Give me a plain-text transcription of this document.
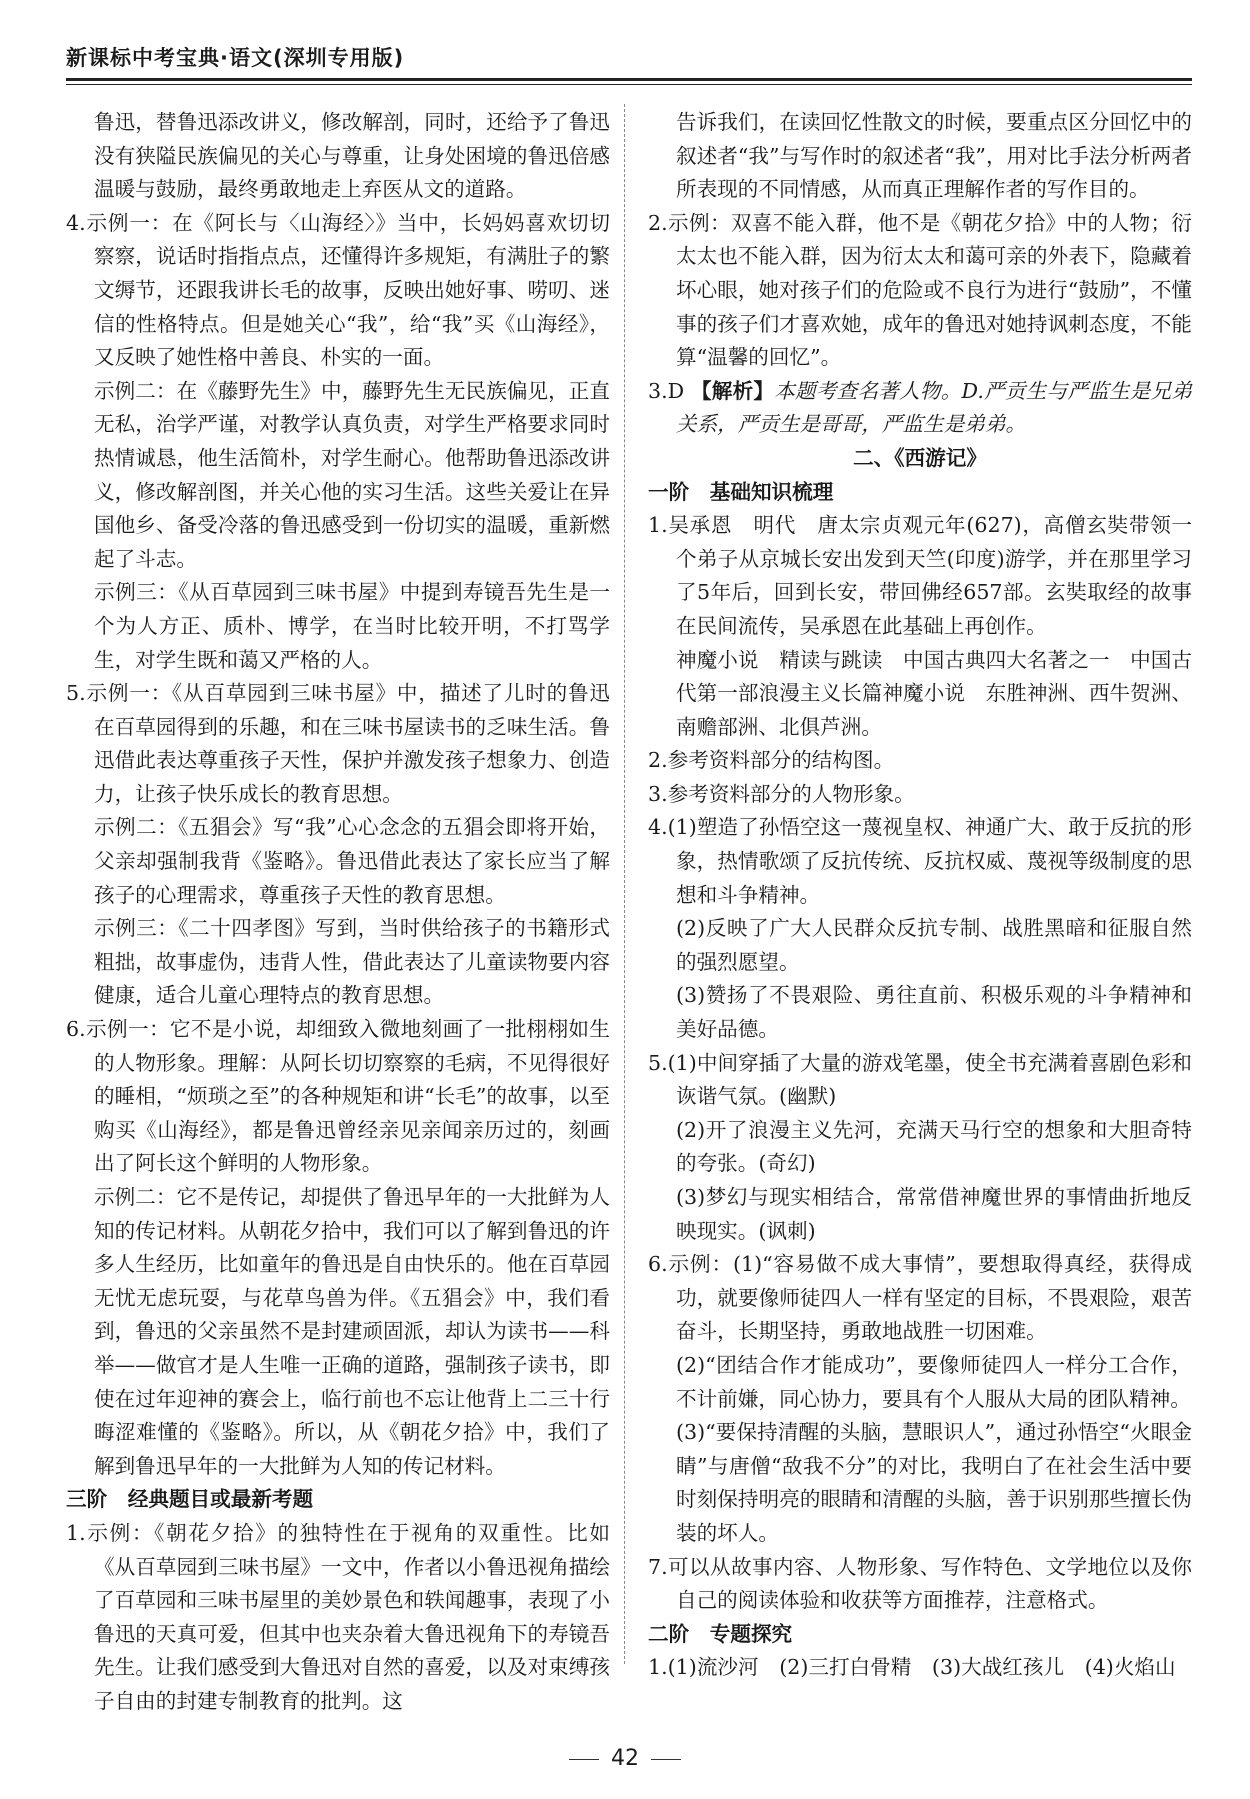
新课标中考宝典·语文(深圳专用版)

鲁迅，替鲁迅添改讲义，修改解剖，同时，还给予了鲁迅没有狭隘民族偏见的关心与尊重，让身处困境的鲁迅倍感温暖与鼓励，最终勇敢地走上弃医从文的道路。

4.示例一：在《阿长与〈山海经〉》当中，长妈妈喜欢切切察察，说话时指指点点，还懂得许多规矩，有满肚子的繁文缛节，还跟我讲长毛的故事，反映出她好事、唠叨、迷信的性格特点。但是她关心“我”，给“我”买《山海经》，又反映了她性格中善良、朴实的一面。

示例二：在《藤野先生》中，藤野先生无民族偏见，正直无私，治学严谨，对教学认真负责，对学生严格要求同时热情诚恳，他生活简朴，对学生耐心。他帮助鲁迅添改讲义，修改解剖图，并关心他的实习生活。这些关爱让在异国他乡、备受冷落的鲁迅感受到一份切实的温暖，重新燃起了斗志。

示例三：《从百草园到三味书屋》中提到寿镜吾先生是一个为人方正、质朴、博学，在当时比较开明，不打骂学生，对学生既和蔼又严格的人。

5.示例一：《从百草园到三味书屋》中，描述了儿时的鲁迅在百草园得到的乐趣，和在三味书屋读书的乏味生活。鲁迅借此表达尊重孩子天性，保护并激发孩子想象力、创造力，让孩子快乐成长的教育思想。

示例二：《五猖会》写“我”心心念念的五猖会即将开始，父亲却强制我背《鉴略》。鲁迅借此表达了家长应当了解孩子的心理需求，尊重孩子天性的教育思想。

示例三：《二十四孝图》写到，当时供给孩子的书籍形式粗拙，故事虚伪，违背人性，借此表达了儿童读物要内容健康，适合儿童心理特点的教育思想。

6.示例一：它不是小说，却细致入微地刻画了一批栩栩如生的人物形象。理解：从阿长切切察察的毛病，不见得很好的睡相，“烦琐之至”的各种规矩和讲“长毛”的故事，以至购买《山海经》，都是鲁迅曾经亲见亲闻亲历过的，刻画出了阿长这个鲜明的人物形象。

示例二：它不是传记，却提供了鲁迅早年的一大批鲜为人知的传记材料。从朝花夕拾中，我们可以了解到鲁迅的许多人生经历，比如童年的鲁迅是自由快乐的。他在百草园无忧无虑玩耍，与花草鸟兽为伴。《五猖会》中，我们看到，鲁迅的父亲虽然不是封建顽固派，却认为读书——科举——做官才是人生唯一正确的道路，强制孩子读书，即使在过年迎神的赛会上，临行前也不忘让他背上二三十行晦涩难懂的《鉴略》。所以，从《朝花夕拾》中，我们了解到鲁迅早年的一大批鲜为人知的传记材料。

三阶　经典题目或最新考题

1.示例：《朝花夕拾》的独特性在于视角的双重性。比如《从百草园到三味书屋》一文中，作者以小鲁迅视角描绘了百草园和三味书屋里的美妙景色和轶闻趣事，表现了小鲁迅的天真可爱，但其中也夹杂着大鲁迅视角下的寿镜吾先生。让我们感受到大鲁迅对自然的喜爱，以及对束缚孩子自由的封建专制教育的批判。这

告诉我们，在读回忆性散文的时候，要重点区分回忆中的叙述者“我”与写作时的叙述者“我”，用对比手法分析两者所表现的不同情感，从而真正理解作者的写作目的。

2.示例：双喜不能入群，他不是《朝花夕拾》中的人物；衍太太也不能入群，因为衍太太和蔼可亲的外表下，隐藏着坏心眼，她对孩子们的危险或不良行为进行“鼓励”，不懂事的孩子们才喜欢她，成年的鲁迅对她持讽刺态度，不能算“温馨的回忆”。

3.D 【解析】本题考查名著人物。D.严贡生与严监生是兄弟关系，严贡生是哥哥，严监生是弟弟。

二、《西游记》

一阶　基础知识梳理

1.吴承恩　明代　唐太宗贞观元年(627)，高僧玄奘带领一个弟子从京城长安出发到天竺(印度)游学，并在那里学习了5年后，回到长安，带回佛经657部。玄奘取经的故事在民间流传，吴承恩在此基础上再创作。

神魔小说　精读与跳读　中国古典四大名著之一　中国古代第一部浪漫主义长篇神魔小说　东胜神洲、西牛贺洲、南赡部洲、北俱芦洲。

2.参考资料部分的结构图。

3.参考资料部分的人物形象。

4.(1)塑造了孙悟空这一蔑视皇权、神通广大、敢于反抗的形象，热情歌颂了反抗传统、反抗权威、蔑视等级制度的思想和斗争精神。

(2)反映了广大人民群众反抗专制、战胜黑暗和征服自然的强烈愿望。

(3)赞扬了不畏艰险、勇往直前、积极乐观的斗争精神和美好品德。

5.(1)中间穿插了大量的游戏笔墨，使全书充满着喜剧色彩和诙谐气氛。(幽默)

(2)开了浪漫主义先河，充满天马行空的想象和大胆奇特的夸张。(奇幻)

(3)梦幻与现实相结合，常常借神魔世界的事情曲折地反映现实。(讽刺)

6.示例：(1)“容易做不成大事情”，要想取得真经，获得成功，就要像师徒四人一样有坚定的目标，不畏艰险，艰苦奋斗，长期坚持，勇敢地战胜一切困难。

(2)“团结合作才能成功”，要像师徒四人一样分工合作，不计前嫌，同心协力，要具有个人服从大局的团队精神。

(3)“要保持清醒的头脑，慧眼识人”，通过孙悟空“火眼金睛”与唐僧“敌我不分”的对比，我明白了在社会生活中要时刻保持明亮的眼睛和清醒的头脑，善于识别那些擅长伪装的坏人。

7.可以从故事内容、人物形象、写作特色、文学地位以及你自己的阅读体验和收获等方面推荐，注意格式。

二阶　专题探究

1.(1)流沙河　(2)三打白骨精　(3)大战红孩儿　(4)火焰山

42
